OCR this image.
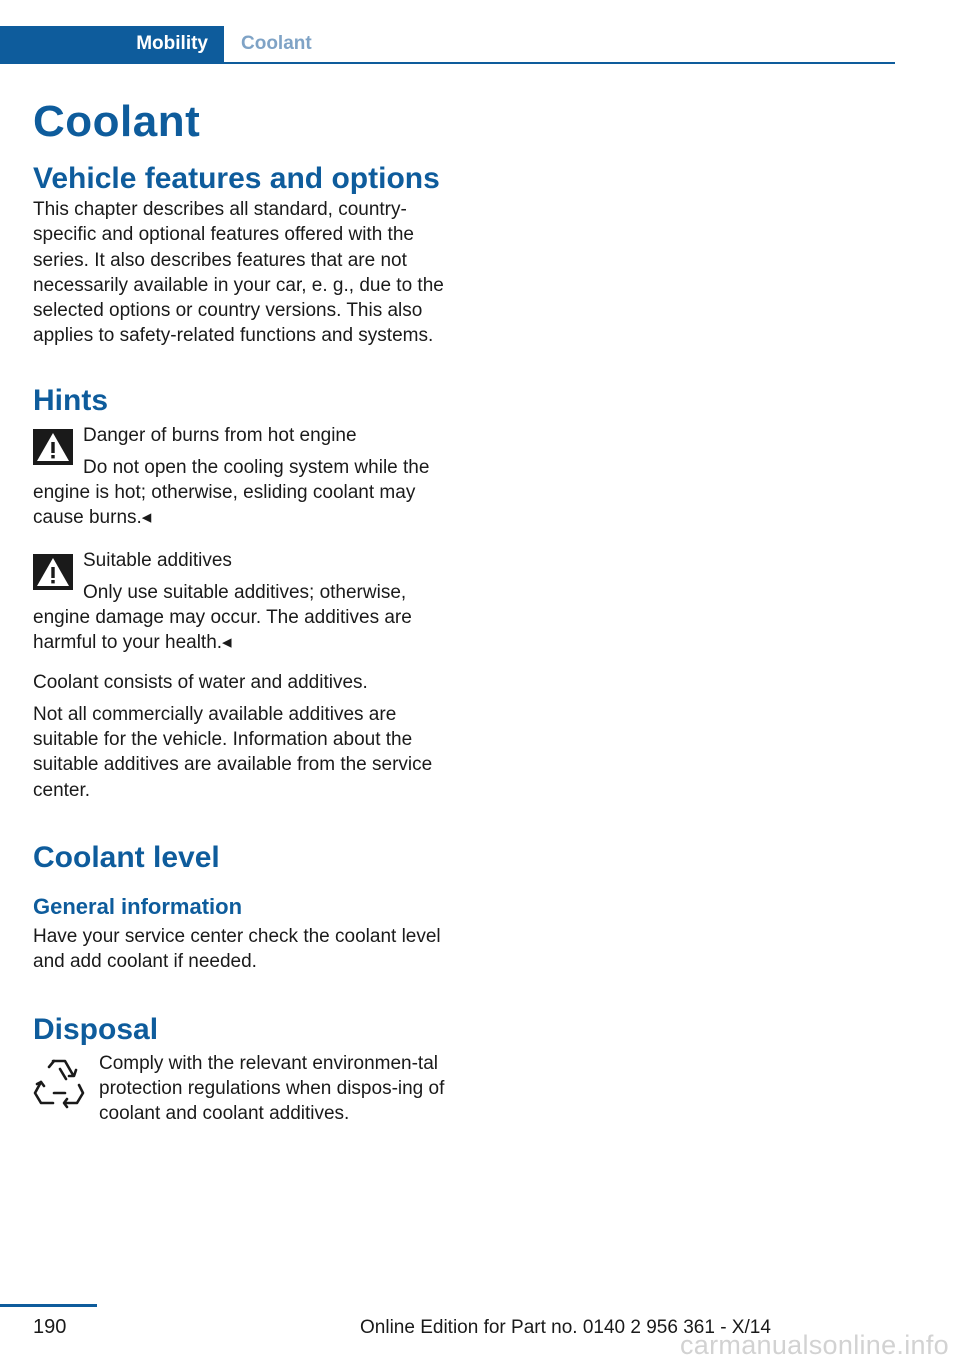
Mobility	Coolant
Coolant
Vehicle features and options

This chapter describes all standard, country-specific and optional features offered with the series. It also describes features that are not necessarily available in your car, e. g., due to the selected options or country versions. This also applies to safety-related functions and systems.

Hints
Danger of burns from hot engine

Do not open the cooling system while the engine is hot; otherwise, esliding coolant may cause burns.◂

Suitable additives

Only use suitable additives; otherwise, engine damage may occur. The additives are harmful to your health.◂

Coolant consists of water and additives.

Not all commercially available additives are suitable for the vehicle. Information about the suitable additives are available from the service center.

Coolant level
General information

Have your service center check the coolant level and add coolant if needed.

Disposal

Comply with the relevant environmen-tal protection regulations when dispos-ing of coolant and coolant additives.

190	Online Edition for Part no. 0140 2 956 361 - X/14
carmanualsonline.info
